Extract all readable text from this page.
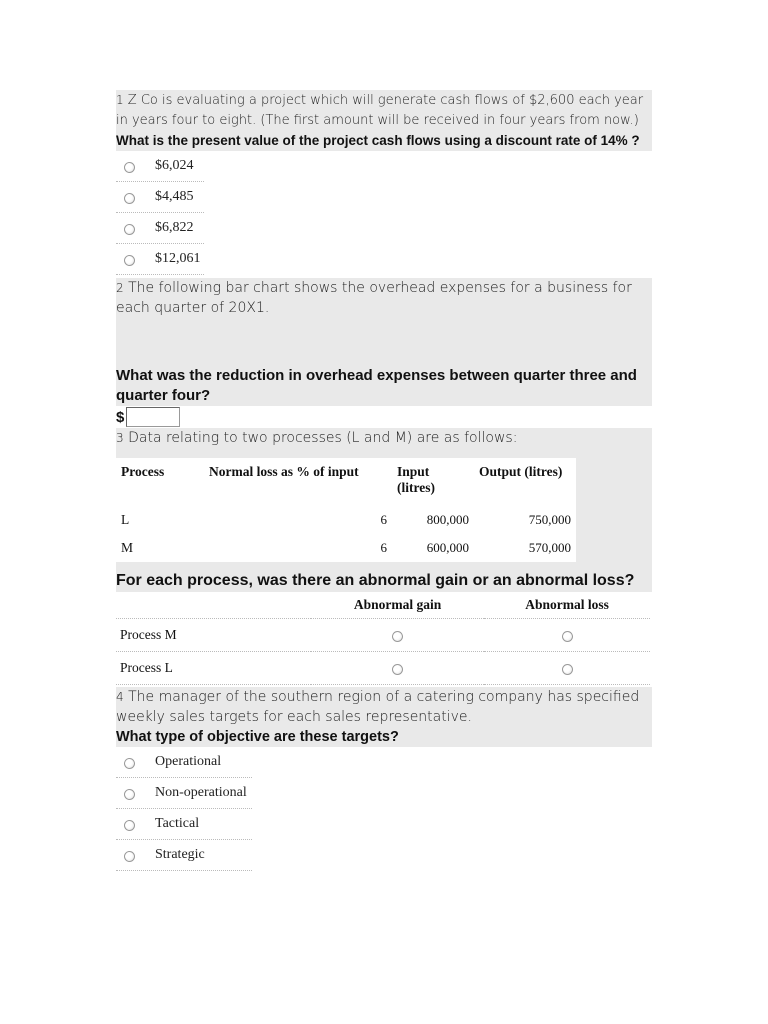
1 Z Co is evaluating a project which will generate cash flows of $2,600 each year in years four to eight. (The first amount will be received in four years from now.)
What is the present value of the project cash flows using a discount rate of 14% ?
$6,024
$4,485
$6,822
$12,061
2 The following bar chart shows the overhead expenses for a business for each quarter of 20X1.
What was the reduction in overhead expenses between quarter three and quarter four?
$
3 Data relating to two processes (L and M) are as follows:
Process	Normal loss as % of input	Input (litres)	Output (litres)
L	6	800,000	750,000
M	6	600,000	570,000
For each process, was there an abnormal gain or an abnormal loss?
	Abnormal gain	Abnormal loss
Process M		
Process L		
4 The manager of the southern region of a catering company has specified weekly sales targets for each sales representative.
What type of objective are these targets?
Operational
Non-operational
Tactical
Strategic
